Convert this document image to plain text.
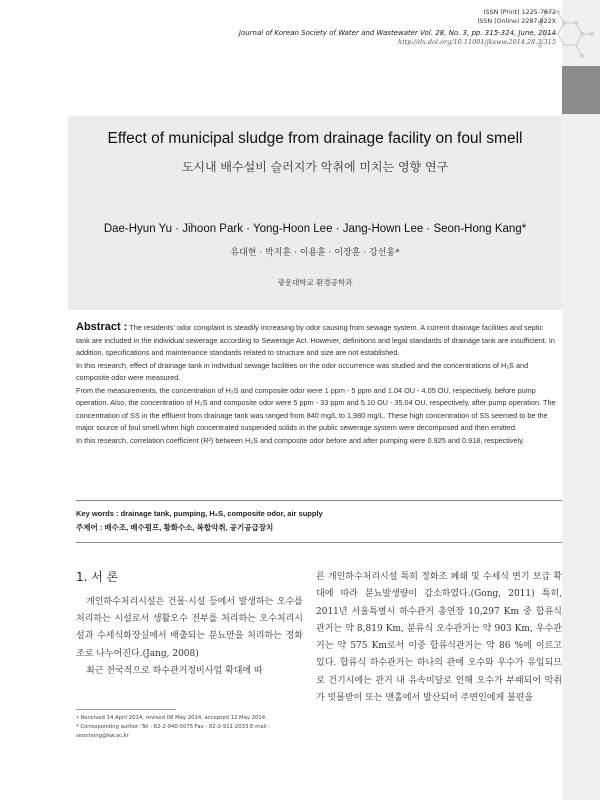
ISSN (Print) 1225-7672
ISSN (Online) 2287-822X
Journal of Korean Society of Water and Wastewater Vol. 28, No. 3, pp. 315-324, June, 2014
http://dx.doi.org/10.11001/jksww.2014.28.3.315
Effect of municipal sludge from drainage facility on foul smell
도시내 배수설비 슬러지가 악취에 미치는 영향 연구
Dae-Hyun Yu · Jihoon Park · Yong-Hoon Lee · Jang-Hown Lee · Seon-Hong Kang*
유대현 · 박지훈 · 이용훈 · 이장훈 · 강선홍*
광운대학교 환경공학과

Abstract : The residents' odor complaint is steadily increasing by odor causing from sewage system. A current drainage facilities and septic tank are included in the individual sewerage according to Sewerage Act. However, definitions and legal standards of drainage tank are insufficient. In addition, specifications and maintenance standards related to structure and size are not established.

In this research, effect of drainage tank in individual sewage facilities on the odor occurrence was studied and the concentrations of H₂S and composite odor were measured.

From the measurements, the concentration of H₂S and composite odor were 1 ppm - 5 ppm and 1.04 OU - 4.05 OU, respectively, before pump operation. Also, the concentration of H₂S and composite odor were 5 ppm - 33 ppm and 5.10 OU - 35.04 OU, respectively, after pump operation. The concentration of SS in the effluent from drainage tank was ranged from 840 mg/L to 1,980 mg/L. These high concentration of SS seemed to be the major source of foul smell when high concentrated suspended solids in the public sewerage system were decomposed and then emitted.

In this research, correlation coefficient (R²) between H₂S and composite odor before and after pumping were 0.925 and 0.918, respectively.

Key words : drainage tank, pumping, H₂S, composite odor, air supply

주제어 : 배수조, 배수펌프, 황화수소, 복합악취, 공기공급장치

1. 서 론

개인하수처리시설은 건물·시설 등에서 발생하는 오수를 처리하는 시설로서 생활오수 전부를 처리하는 오수처리시설과 수세식화장실에서 배출되는 분뇨만을 처리하는 정화조로 나누어진다.(Jang, 2008)

최근 전국적으로 하수관거정비사업 확대에 따

른 개인하수처리시설 특히 정화조 폐쇄 및 수세식 변기 보급 확대에 따라 분뇨발생량이 감소하였다.(Gong, 2011) 특히, 2011년 서울특별시 하수관거 총연장 10,297 Km 중 합류식 관거는 약 8,819 Km, 분류식 오수관거는 약 903 Km, 우수관거는 약 575 Km로서 이중 합류식관거는 약 86 %에 이르고 있다. 합류식 하수관거는 하나의 관에 오수와 우수가 유입되므로 건기시에는 관거 내 유속미달로 인해 오수가 부패되어 악취가 빗물받이 또는 맨홀에서 발산되어 주변인에게 불편을

• Received 14 April 2014, revised 08 May 2014, accepted 12 May 2014.

* Corresponding author: Tel : 82-2-940-5075 Fax : 82-2-911-2033 E-mail : seonhong@kw.ac.kr
